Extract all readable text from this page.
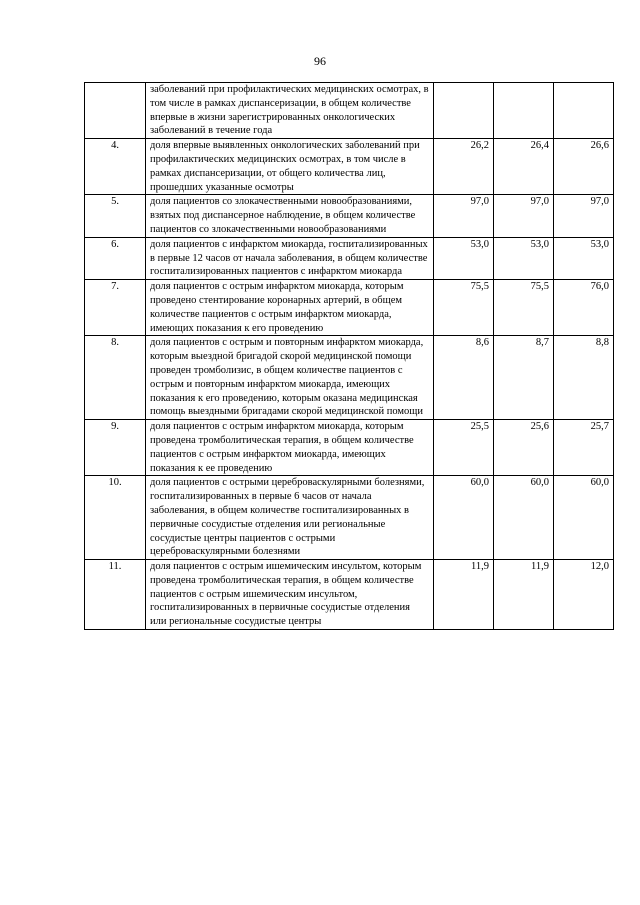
96
	заболеваний при профилактических медицинских осмотрах, в том числе в рамках диспансеризации, в общем количестве впервые в жизни зарегистрированных онкологических заболеваний в течение года			
4.	доля впервые выявленных онкологических заболеваний при профилактических медицинских осмотрах, в том числе в рамках диспансеризации, от общего количества лиц, прошедших указанные осмотры	26,2	26,4	26,6
5.	доля пациентов со злокачественными новообразованиями, взятых под диспансерное наблюдение, в общем количестве пациентов со злокачественными новообразованиями	97,0	97,0	97,0
6.	доля пациентов с инфарктом миокарда, госпитализированных в первые 12 часов от начала заболевания, в общем количестве госпитализированных пациентов с инфарктом миокарда	53,0	53,0	53,0
7.	доля пациентов с острым инфарктом миокарда, которым проведено стентирование коронарных артерий, в общем количестве пациентов с острым инфарктом миокарда, имеющих показания к его проведению	75,5	75,5	76,0
8.	доля пациентов с острым и повторным инфарктом миокарда, которым выездной бригадой скорой медицинской помощи проведен тромболизис, в общем количестве пациентов с острым и повторным инфарктом миокарда, имеющих показания к его проведению, которым оказана медицинская помощь выездными бригадами скорой медицинской помощи	8,6	8,7	8,8
9.	доля пациентов с острым инфарктом миокарда, которым проведена тромболитическая терапия, в общем количестве пациентов с острым инфарктом миокарда, имеющих показания к ее проведению	25,5	25,6	25,7
10.	доля пациентов с острыми цереброваскулярными болезнями, госпитализированных в первые 6 часов от начала заболевания, в общем количестве госпитализированных в первичные сосудистые отделения или региональные сосудистые центры пациентов с острыми цереброваскулярными болезнями	60,0	60,0	60,0
11.	доля пациентов с острым ишемическим инсультом, которым проведена тромболитическая терапия, в общем количестве пациентов с острым ишемическим инсультом, госпитализированных в первичные сосудистые отделения или региональные сосудистые центры	11,9	11,9	12,0
